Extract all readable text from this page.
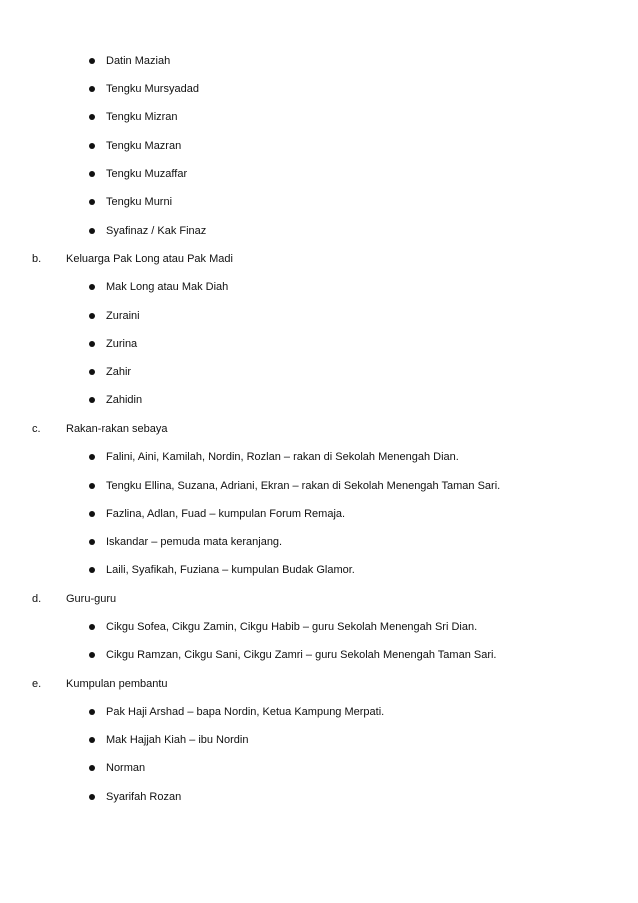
Datin Maziah
Tengku Mursyadad
Tengku Mizran
Tengku Mazran
Tengku Muzaffar
Tengku Murni
Syafinaz / Kak Finaz
b. Keluarga Pak Long atau Pak Madi
Mak Long atau Mak Diah
Zuraini
Zurina
Zahir
Zahidin
c. Rakan-rakan sebaya
Falini, Aini, Kamilah, Nordin, Rozlan – rakan di Sekolah Menengah Dian.
Tengku Ellina, Suzana, Adriani, Ekran – rakan di Sekolah Menengah Taman Sari.
Fazlina, Adlan, Fuad – kumpulan Forum Remaja.
Iskandar – pemuda mata keranjang.
Laili, Syafikah, Fuziana – kumpulan Budak Glamor.
d. Guru-guru
Cikgu Sofea, Cikgu Zamin, Cikgu Habib – guru Sekolah Menengah Sri Dian.
Cikgu Ramzan, Cikgu Sani, Cikgu Zamri – guru Sekolah Menengah Taman Sari.
e. Kumpulan pembantu
Pak Haji Arshad – bapa Nordin, Ketua Kampung Merpati.
Mak Hajjah Kiah – ibu Nordin
Norman
Syarifah Rozan
